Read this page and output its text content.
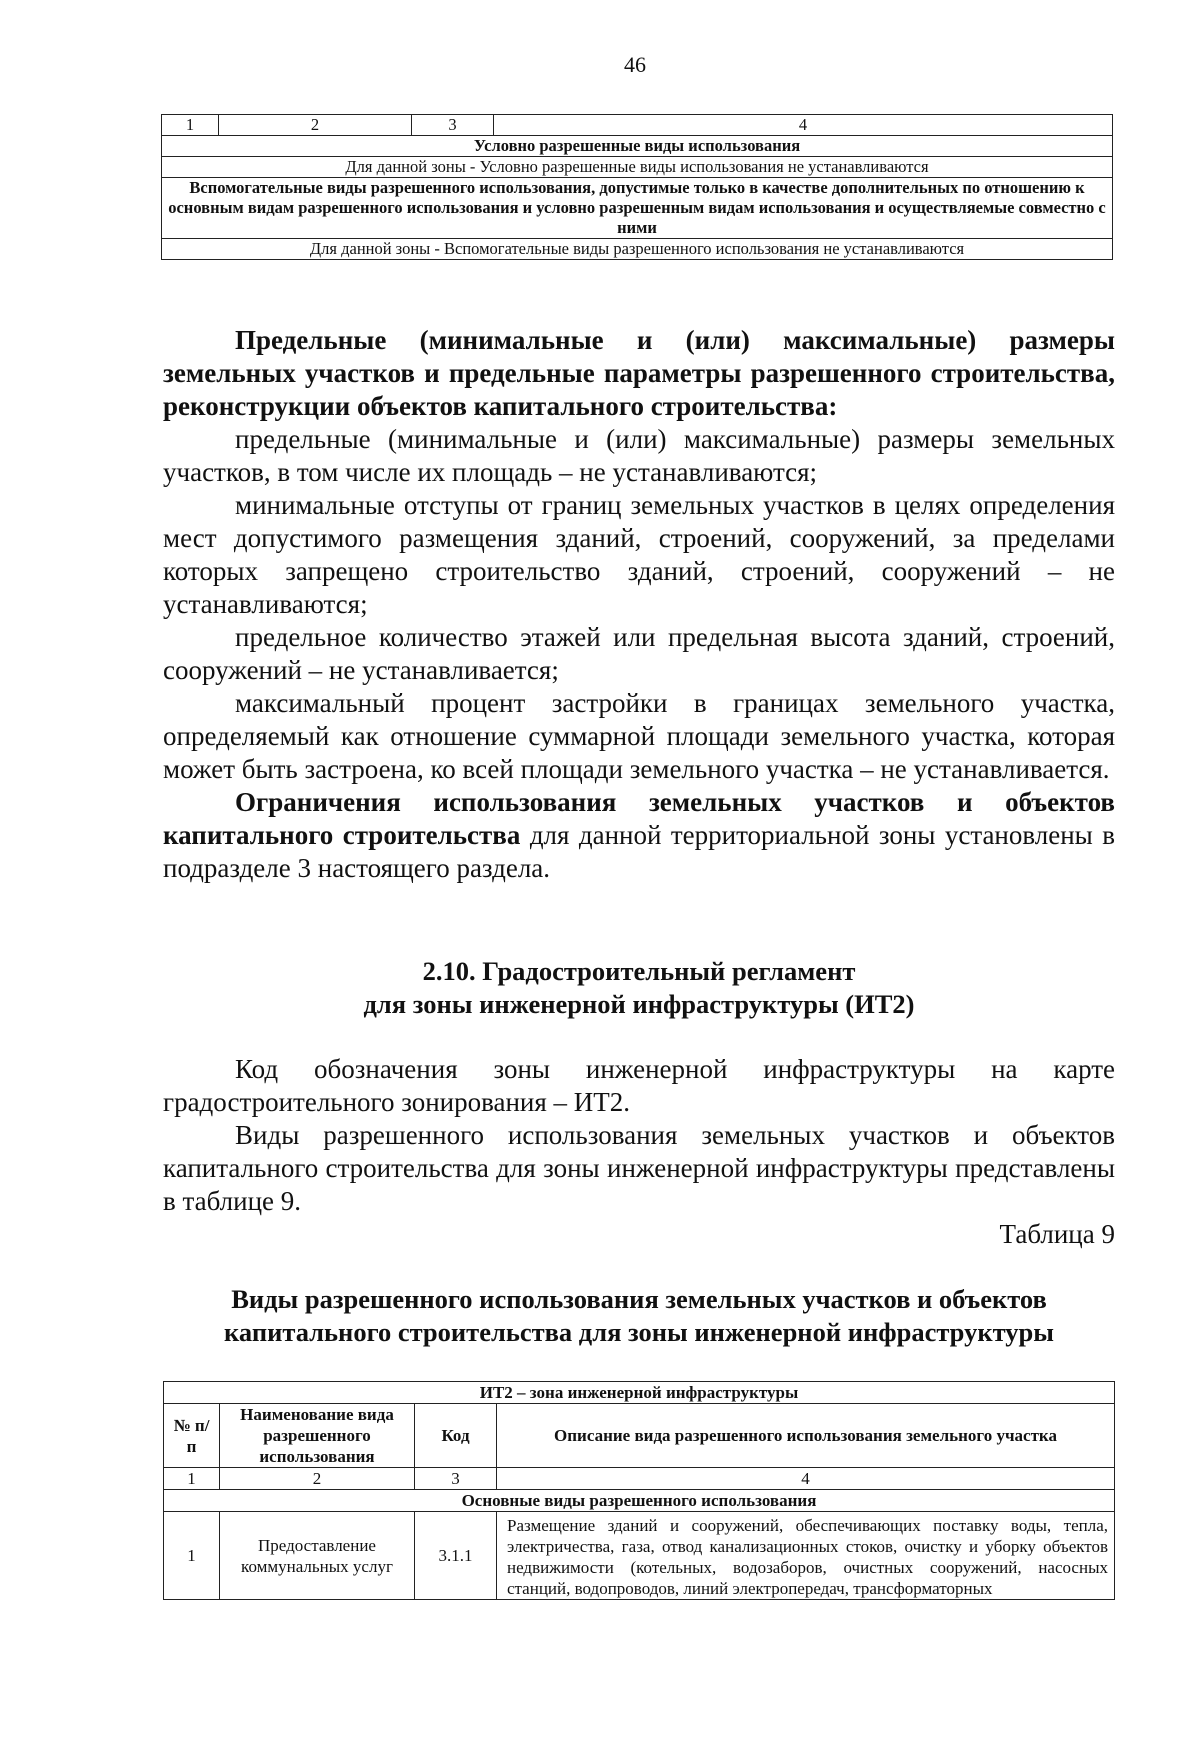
46
1	2	3	4
Условно разрешенные виды использования
Для данной зоны - Условно разрешенные виды использования не устанавливаются
Вспомогательные виды разрешенного использования, допустимые только в качестве дополнительных по отношению к основным видам разрешенного использования и условно разрешенным видам использования и осуществляемые совместно с ними
Для данной зоны - Вспомогательные виды разрешенного использования не устанавливаются

Предельные (минимальные и (или) максимальные) размеры земельных участков и предельные параметры разрешенного строительства, реконструкции объектов капитального строительства:

предельные (минимальные и (или) максимальные) размеры земельных участков, в том числе их площадь – не устанавливаются;

минимальные отступы от границ земельных участков в целях определения мест допустимого размещения зданий, строений, сооружений, за пределами которых запрещено строительство зданий, строений, сооружений – не устанавливаются;

предельное количество этажей или предельная высота зданий, строений, сооружений – не устанавливается;

максимальный процент застройки в границах земельного участка, определяемый как отношение суммарной площади земельного участка, которая может быть застроена, ко всей площади земельного участка – не устанавливается.

Ограничения использования земельных участков и объектов капитального строительства для данной территориальной зоны установлены в подразделе 3 настоящего раздела.

2.10. Градостроительный регламент
для зоны инженерной инфраструктуры (ИТ2)

Код обозначения зоны инженерной инфраструктуры на карте градостроительного зонирования – ИТ2.

Виды разрешенного использования земельных участков и объектов капитального строительства для зоны инженерной инфраструктуры представлены в таблице 9.

Таблица 9

Виды разрешенного использования земельных участков и объектов
капитального строительства для зоны инженерной инфраструктуры
ИТ2 – зона инженерной инфраструктуры			
№ п/п	Наименование вида разрешенного использования	Код	Описание вида разрешенного использования земельного участка
1	2	3	4
Основные виды разрешенного использования			
1	Предоставление коммунальных услуг	3.1.1	Размещение зданий и сооружений, обеспечивающих поставку воды, тепла, электричества, газа, отвод канализационных стоков, очистку и уборку объектов недвижимости (котельных, водозаборов, очистных сооружений, насосных станций, водопроводов, линий электропередач, трансформаторных
